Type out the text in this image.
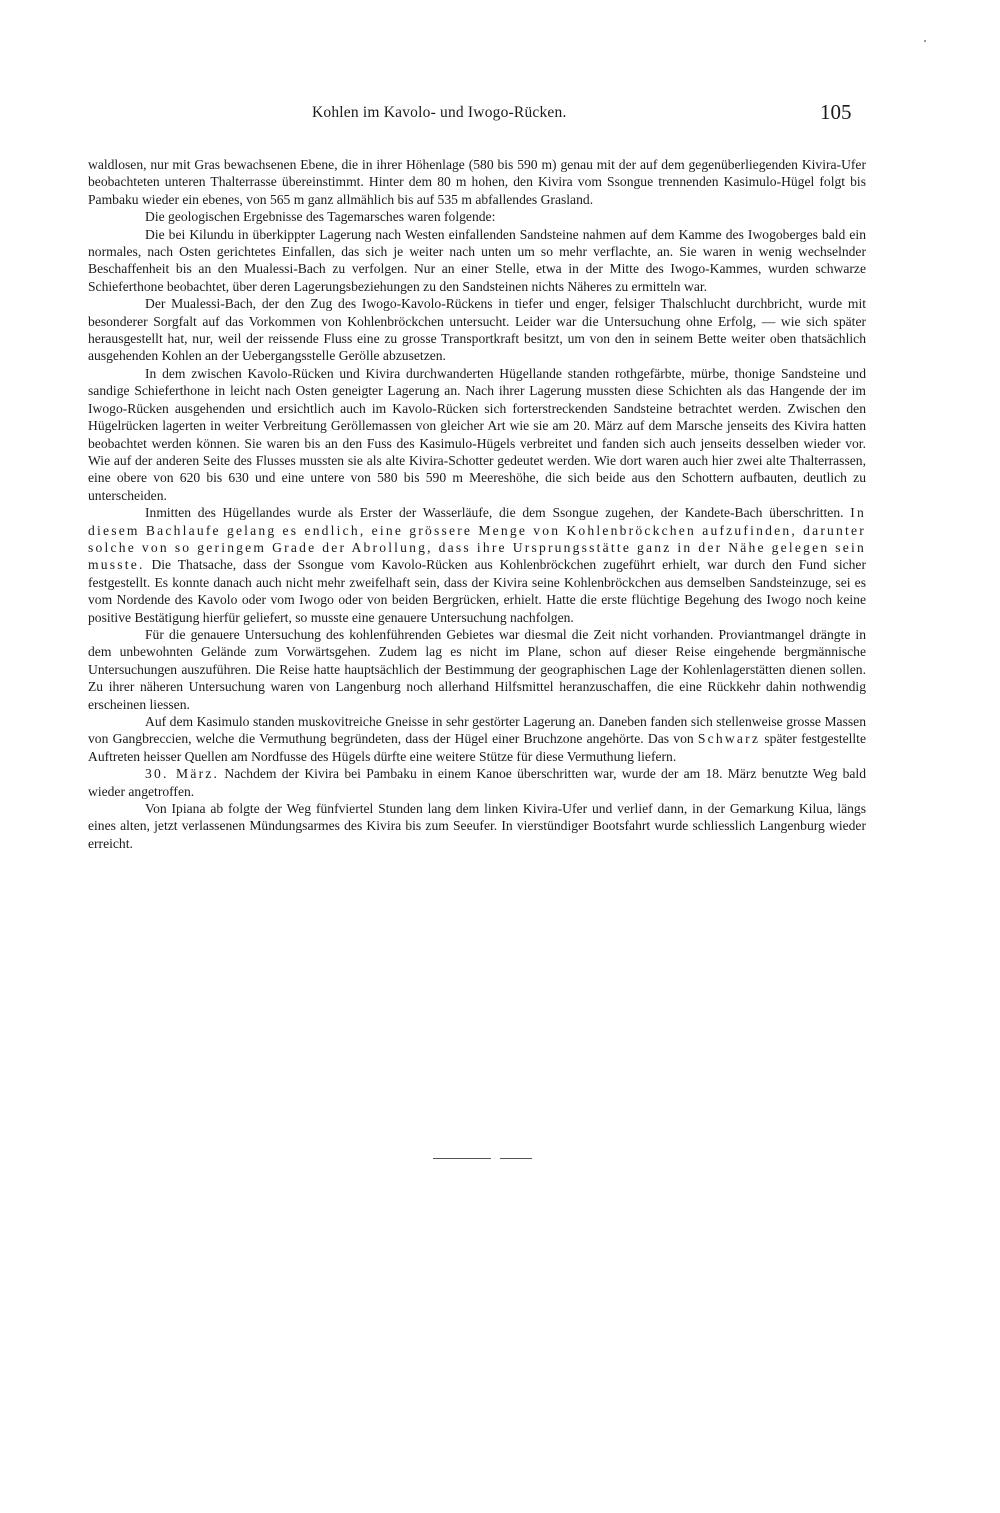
Kohlen im Kavolo- und Iwogo-Rücken.	105

waldlosen, nur mit Gras bewachsenen Ebene, die in ihrer Höhenlage (580 bis 590 m) genau mit der auf dem gegenüberliegenden Kivira-Ufer beobachteten unteren Thalterrasse übereinstimmt. Hinter dem 80 m hohen, den Kivira vom Ssongue trennenden Kasimulo-Hügel folgt bis Pambaku wieder ein ebenes, von 565 m ganz allmählich bis auf 535 m abfallendes Grasland.

Die geologischen Ergebnisse des Tagemarsches waren folgende:

Die bei Kilundu in überkippter Lagerung nach Westen einfallenden Sandsteine nahmen auf dem Kamme des Iwogoberges bald ein normales, nach Osten gerichtetes Einfallen, das sich je weiter nach unten um so mehr verflachte, an. Sie waren in wenig wechselnder Beschaffenheit bis an den Mualessi-Bach zu verfolgen. Nur an einer Stelle, etwa in der Mitte des Iwogo-Kammes, wurden schwarze Schieferthone beobachtet, über deren Lagerungsbeziehungen zu den Sandsteinen nichts Näheres zu ermitteln war.

Der Mualessi-Bach, der den Zug des Iwogo-Kavolo-Rückens in tiefer und enger, felsiger Thalschlucht durchbricht, wurde mit besonderer Sorgfalt auf das Vorkommen von Kohlenbröckchen untersucht. Leider war die Untersuchung ohne Erfolg, — wie sich später herausgestellt hat, nur, weil der reissende Fluss eine zu grosse Transportkraft besitzt, um von den in seinem Bette weiter oben thatsächlich ausgehenden Kohlen an der Uebergangsstelle Gerölle abzusetzen.

In dem zwischen Kavolo-Rücken und Kivira durchwanderten Hügellande standen rothgefärbte, mürbe, thonige Sandsteine und sandige Schieferthone in leicht nach Osten geneigter Lagerung an. Nach ihrer Lagerung mussten diese Schichten als das Hangende der im Iwogo-Rücken ausgehenden und ersichtlich auch im Kavolo-Rücken sich forterstreckenden Sandsteine betrachtet werden. Zwischen den Hügelrücken lagerten in weiter Verbreitung Geröllemassen von gleicher Art wie sie am 20. März auf dem Marsche jenseits des Kivira hatten beobachtet werden können. Sie waren bis an den Fuss des Kasimulo-Hügels verbreitet und fanden sich auch jenseits desselben wieder vor. Wie auf der anderen Seite des Flusses mussten sie als alte Kivira-Schotter gedeutet werden. Wie dort waren auch hier zwei alte Thalterrassen, eine obere von 620 bis 630 und eine untere von 580 bis 590 m Meereshöhe, die sich beide aus den Schottern aufbauten, deutlich zu unterscheiden.

Inmitten des Hügellandes wurde als Erster der Wasserläufe, die dem Ssongue zugehen, der Kandete-Bach überschritten. In diesem Bachlaufe gelang es endlich, eine grössere Menge von Kohlenbröckchen aufzufinden, darunter solche von so geringem Grade der Abrollung, dass ihre Ursprungsstätte ganz in der Nähe gelegen sein musste. Die Thatsache, dass der Ssongue vom Kavolo-Rücken aus Kohlenbröckchen zugeführt erhielt, war durch den Fund sicher festgestellt. Es konnte danach auch nicht mehr zweifelhaft sein, dass der Kivira seine Kohlenbröckchen aus demselben Sandsteinzuge, sei es vom Nordende des Kavolo oder vom Iwogo oder von beiden Bergrücken, erhielt. Hatte die erste flüchtige Begehung des Iwogo noch keine positive Bestätigung hierfür geliefert, so musste eine genauere Untersuchung nachfolgen.

Für die genauere Untersuchung des kohlenführenden Gebietes war diesmal die Zeit nicht vorhanden. Proviantmangel drängte in dem unbewohnten Gelände zum Vorwärtsgehen. Zudem lag es nicht im Plane, schon auf dieser Reise eingehende bergmännische Untersuchungen auszuführen. Die Reise hatte hauptsächlich der Bestimmung der geographischen Lage der Kohlenlagerstätten dienen sollen. Zu ihrer näheren Untersuchung waren von Langenburg noch allerhand Hilfsmittel heranzuschaffen, die eine Rückkehr dahin nothwendig erscheinen liessen.

Auf dem Kasimulo standen muskovitreiche Gneisse in sehr gestörter Lagerung an. Daneben fanden sich stellenweise grosse Massen von Gangbreccien, welche die Vermuthung begründeten, dass der Hügel einer Bruchzone angehörte. Das von Schwarz später festgestellte Auftreten heisser Quellen am Nordfusse des Hügels dürfte eine weitere Stütze für diese Vermuthung liefern.

30. März. Nachdem der Kivira bei Pambaku in einem Kanoe überschritten war, wurde der am 18. März benutzte Weg bald wieder angetroffen.

Von Ipiana ab folgte der Weg fünfviertel Stunden lang dem linken Kivira-Ufer und verlief dann, in der Gemarkung Kilua, längs eines alten, jetzt verlassenen Mündungsarmes des Kivira bis zum Seeufer. In vierstündiger Bootsfahrt wurde schliesslich Langenburg wieder erreicht.
